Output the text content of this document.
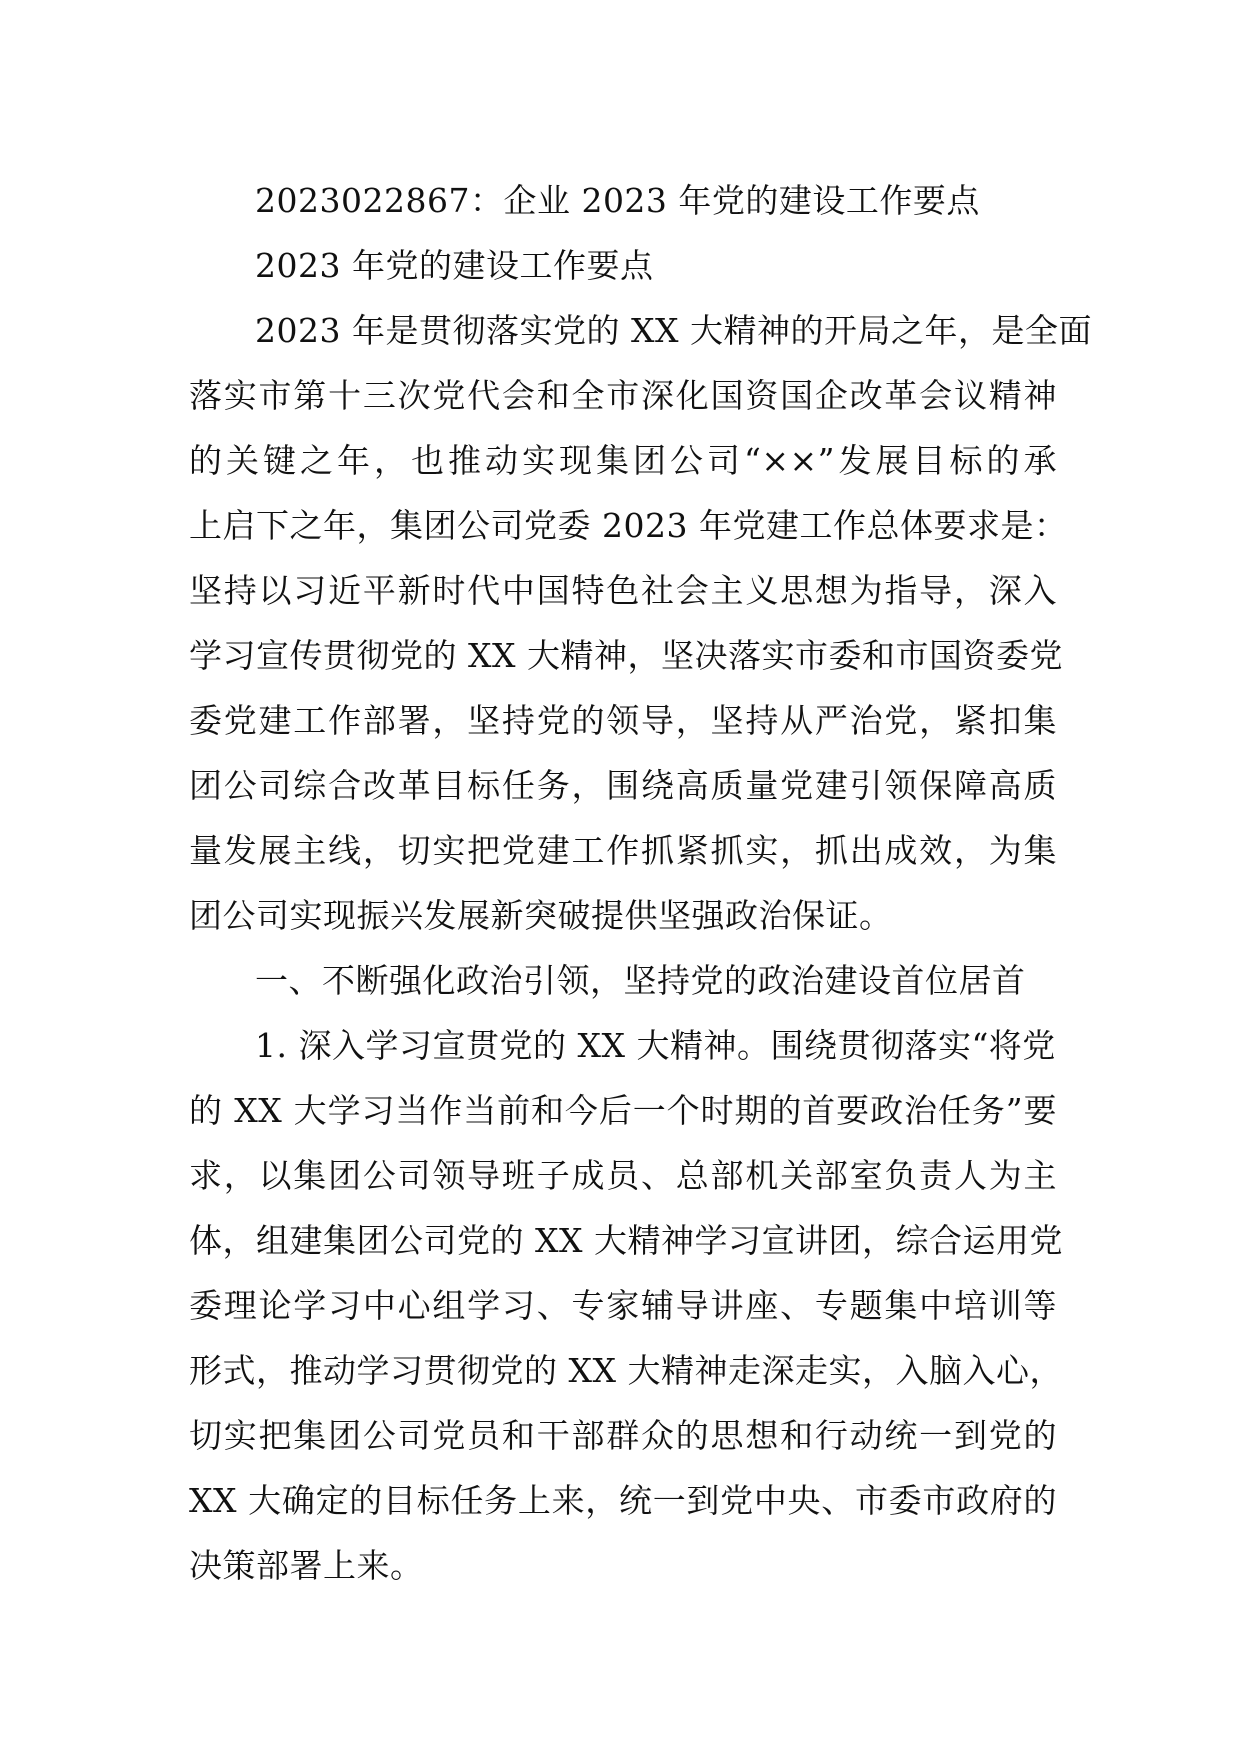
2023022867：企业 2023 年党的建设工作要点

2023 年党的建设工作要点

2023 年是贯彻落实党的 XX 大精神的开局之年，是全面

落实市第十三次党代会和全市深化国资国企改革会议精神

的关键之年，也推动实现集团公司“××”发展目标的承

上启下之年，集团公司党委 2023 年党建工作总体要求是：

坚持以习近平新时代中国特色社会主义思想为指导，深入

学习宣传贯彻党的 XX 大精神，坚决落实市委和市国资委党

委党建工作部署，坚持党的领导，坚持从严治党，紧扣集

团公司综合改革目标任务，围绕高质量党建引领保障高质

量发展主线，切实把党建工作抓紧抓实，抓出成效，为集

团公司实现振兴发展新突破提供坚强政治保证。

一、不断强化政治引领，坚持党的政治建设首位居首

1. 深入学习宣贯党的 XX 大精神。围绕贯彻落实“将党

的 XX 大学习当作当前和今后一个时期的首要政治任务”要

求，以集团公司领导班子成员、总部机关部室负责人为主

体，组建集团公司党的 XX 大精神学习宣讲团，综合运用党

委理论学习中心组学习、专家辅导讲座、专题集中培训等

形式，推动学习贯彻党的 XX 大精神走深走实，入脑入心，

切实把集团公司党员和干部群众的思想和行动统一到党的

XX 大确定的目标任务上来，统一到党中央、市委市政府的

决策部署上来。
